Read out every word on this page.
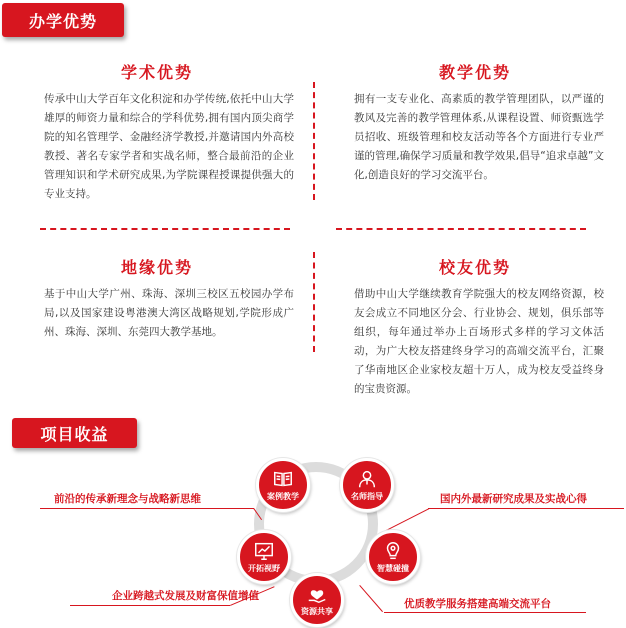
办学优势
学术优势
传承中山大学百年文化积淀和办学传统,依托中山大学雄厚的师资力量和综合的学科优势,拥有国内顶尖商学院的知名管理学、金融经济学教授,并邀请国内外高校教授、著名专家学者和实战名师，整合最前沿的企业管理知识和学术研究成果,为学院课程授课提供强大的专业支持。
教学优势
拥有一支专业化、高素质的教学管理团队，以严谨的教风及完善的教学管理体系,从课程设置、师资甄选学员招收、班级管理和校友活动等各个方面进行专业严谨的管理,确保学习质量和教学效果,倡导“追求卓越”文化,创造良好的学习交流平台。
地缘优势
基于中山大学广州、珠海、深圳三校区五校园办学布局,以及国家建设粤港澳大湾区战略规划,学院形成广州、珠海、深圳、东莞四大教学基地。
校友优势
借助中山大学继续教育学院强大的校友网络资源，校友会成立不同地区分会、行业协会、规划，俱乐部等组织，每年通过举办上百场形式多样的学习文体活动，为广大校友搭建终身学习的高端交流平台，汇聚了华南地区企业家校友超十万人，成为校友受益终身的宝贵资源。
项目收益
案例教学	名师指导
智慧碰撞
资源共享
开拓视野
前沿的传承新理念与战略新思维	国内外最新研究成果及实战心得
企业跨越式发展及财富保值增值
优质教学服务搭建高端交流平台
